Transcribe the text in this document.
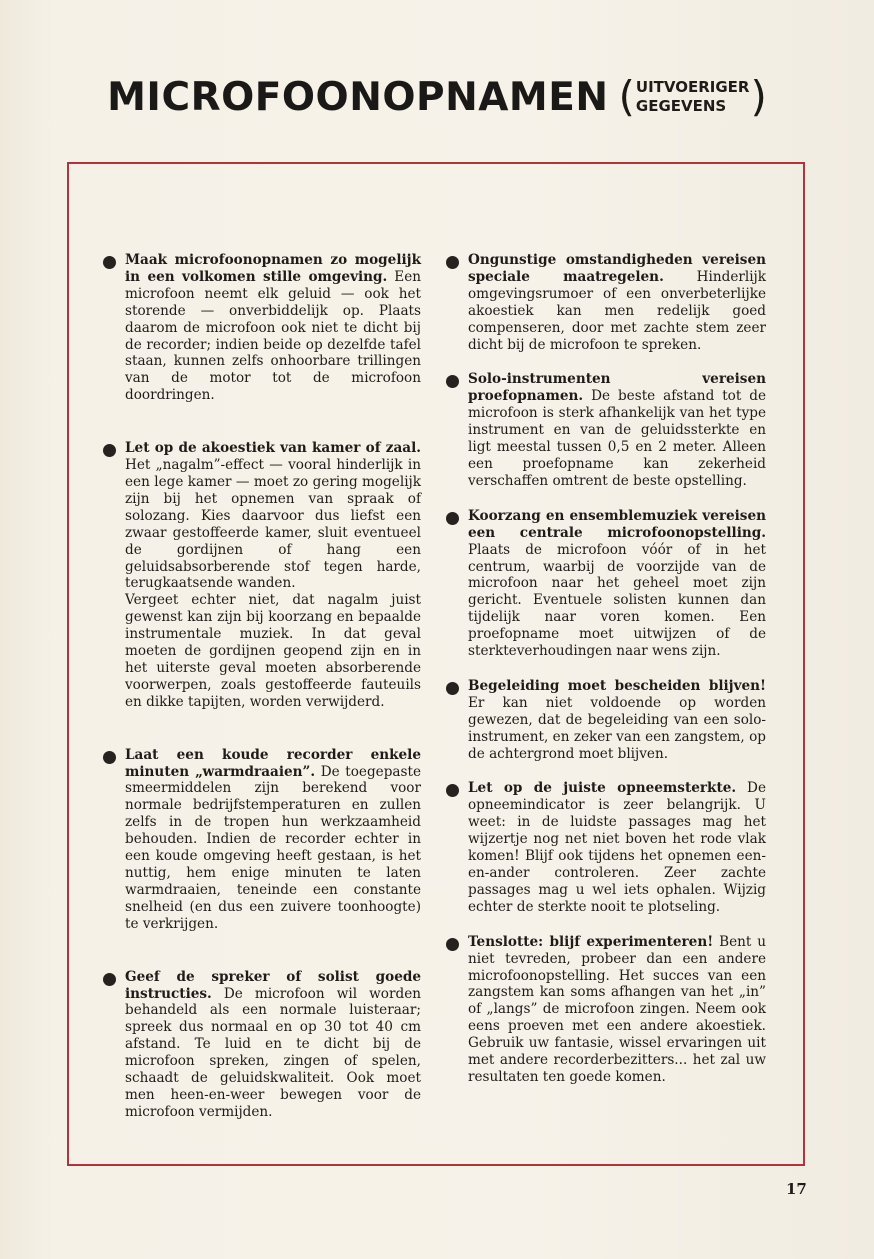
MICROFOONOPNAMEN ( UITVOERIGER
GEGEVENS )
Maak microfoonopnamen zo mogelijk in een volkomen stille omgeving. Een microfoon neemt elk geluid — ook het storende — onverbiddelijk op. Plaats daarom de microfoon ook niet te dicht bij de recorder; indien beide op dezelfde tafel staan, kunnen zelfs onhoorbare trillingen van de motor tot de microfoon doordringen.
Let op de akoestiek van kamer of zaal. Het „nagalm”-effect — vooral hinderlijk in een lege kamer — moet zo gering mogelijk zijn bij het opnemen van spraak of solozang. Kies daarvoor dus liefst een zwaar gestoffeerde kamer, sluit eventueel de gordijnen of hang een geluidsabsorberende stof tegen harde, terugkaatsende wanden.
Vergeet echter niet, dat nagalm juist gewenst kan zijn bij koorzang en bepaalde instrumentale muziek. In dat geval moeten de gordijnen geopend zijn en in het uiterste geval moeten absorberende voorwerpen, zoals gestoffeerde fauteuils en dikke tapijten, worden verwijderd.
Laat een koude recorder enkele minuten „warmdraaien”. De toegepaste smeermiddelen zijn berekend voor normale bedrijfstemperaturen en zullen zelfs in de tropen hun werkzaamheid behouden. Indien de recorder echter in een koude omgeving heeft gestaan, is het nuttig, hem enige minuten te laten warmdraaien, teneinde een constante snelheid (en dus een zuivere toonhoogte) te verkrijgen.
Geef de spreker of solist goede instructies. De microfoon wil worden behandeld als een normale luisteraar; spreek dus normaal en op 30 tot 40 cm afstand. Te luid en te dicht bij de microfoon spreken, zingen of spelen, schaadt de geluidskwaliteit. Ook moet men heen-en-weer bewegen voor de microfoon vermijden.
Ongunstige omstandigheden vereisen speciale maatregelen. Hinderlijk omgevingsrumoer of een onverbeterlijke akoestiek kan men redelijk goed compenseren, door met zachte stem zeer dicht bij de microfoon te spreken.
Solo-instrumenten vereisen proefopnamen. De beste afstand tot de microfoon is sterk afhankelijk van het type instrument en van de geluidssterkte en ligt meestal tussen 0,5 en 2 meter. Alleen een proefopname kan zekerheid verschaffen omtrent de beste opstelling.
Koorzang en ensemblemuziek vereisen een centrale microfoonopstelling. Plaats de microfoon vóór of in het centrum, waarbij de voorzijde van de microfoon naar het geheel moet zijn gericht. Eventuele solisten kunnen dan tijdelijk naar voren komen. Een proefopname moet uitwijzen of de sterkteverhoudingen naar wens zijn.
Begeleiding moet bescheiden blijven! Er kan niet voldoende op worden gewezen, dat de begeleiding van een solo-instrument, en zeker van een zangstem, op de achtergrond moet blijven.
Let op de juiste opneemsterkte. De opneemindicator is zeer belangrijk. U weet: in de luidste passages mag het wijzertje nog net niet boven het rode vlak komen! Blijf ook tijdens het opnemen een-en-ander controleren. Zeer zachte passages mag u wel iets ophalen. Wijzig echter de sterkte nooit te plotseling.
Tenslotte: blijf experimenteren! Bent u niet tevreden, probeer dan een andere microfoonopstelling. Het succes van een zangstem kan soms afhangen van het „in” of „langs” de microfoon zingen. Neem ook eens proeven met een andere akoestiek. Gebruik uw fantasie, wissel ervaringen uit met andere recorderbezitters... het zal uw resultaten ten goede komen.
17
